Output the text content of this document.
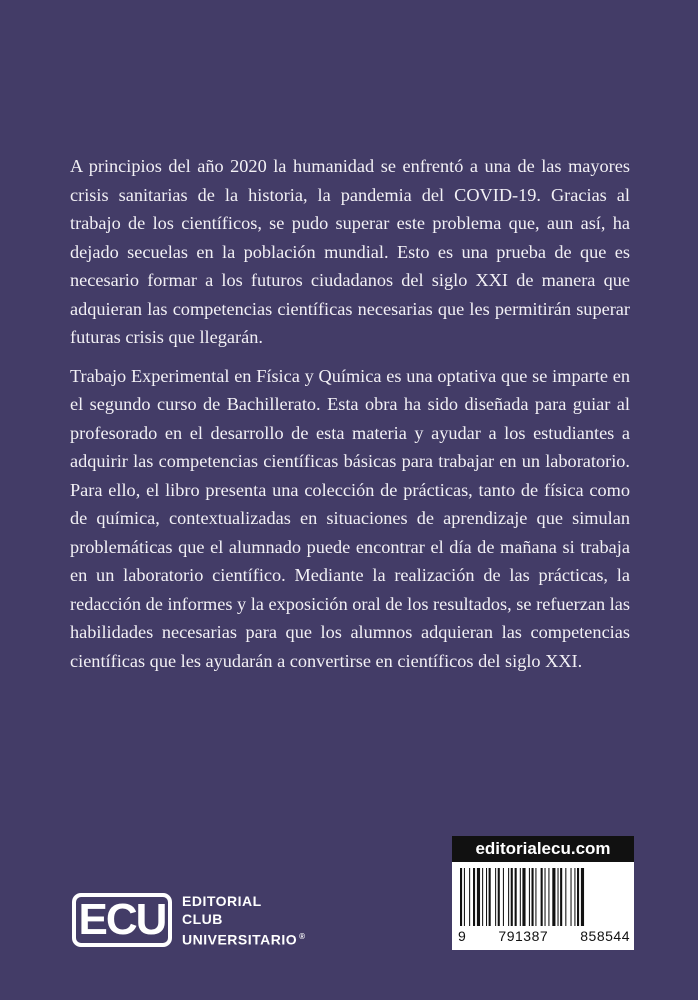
A principios del año 2020 la humanidad se enfrentó a una de las mayores crisis sanitarias de la historia, la pandemia del COVID-19. Gracias al trabajo de los científicos, se pudo superar este problema que, aun así, ha dejado secuelas en la población mundial. Esto es una prueba de que es necesario formar a los futuros ciudadanos del siglo XXI de manera que adquieran las competencias científicas necesarias que les permitirán superar futuras crisis que llegarán.

Trabajo Experimental en Física y Química es una optativa que se imparte en el segundo curso de Bachillerato. Esta obra ha sido diseñada para guiar al profesorado en el desarrollo de esta materia y ayudar a los estudiantes a adquirir las competencias científicas básicas para trabajar en un laboratorio. Para ello, el libro presenta una colección de prácticas, tanto de física como de química, contextualizadas en situaciones de aprendizaje que simulan problemáticas que el alumnado puede encontrar el día de mañana si trabaja en un laboratorio científico. Mediante la realización de las prácticas, la redacción de informes y la exposición oral de los resultados, se refuerzan las habilidades necesarias para que los alumnos adquieran las competencias científicas que les ayudarán a convertirse en científicos del siglo XXI.

editorialecu.com
9 791387 858544
ECU	EDITORIAL
CLUB
UNIVERSITARIO ®
